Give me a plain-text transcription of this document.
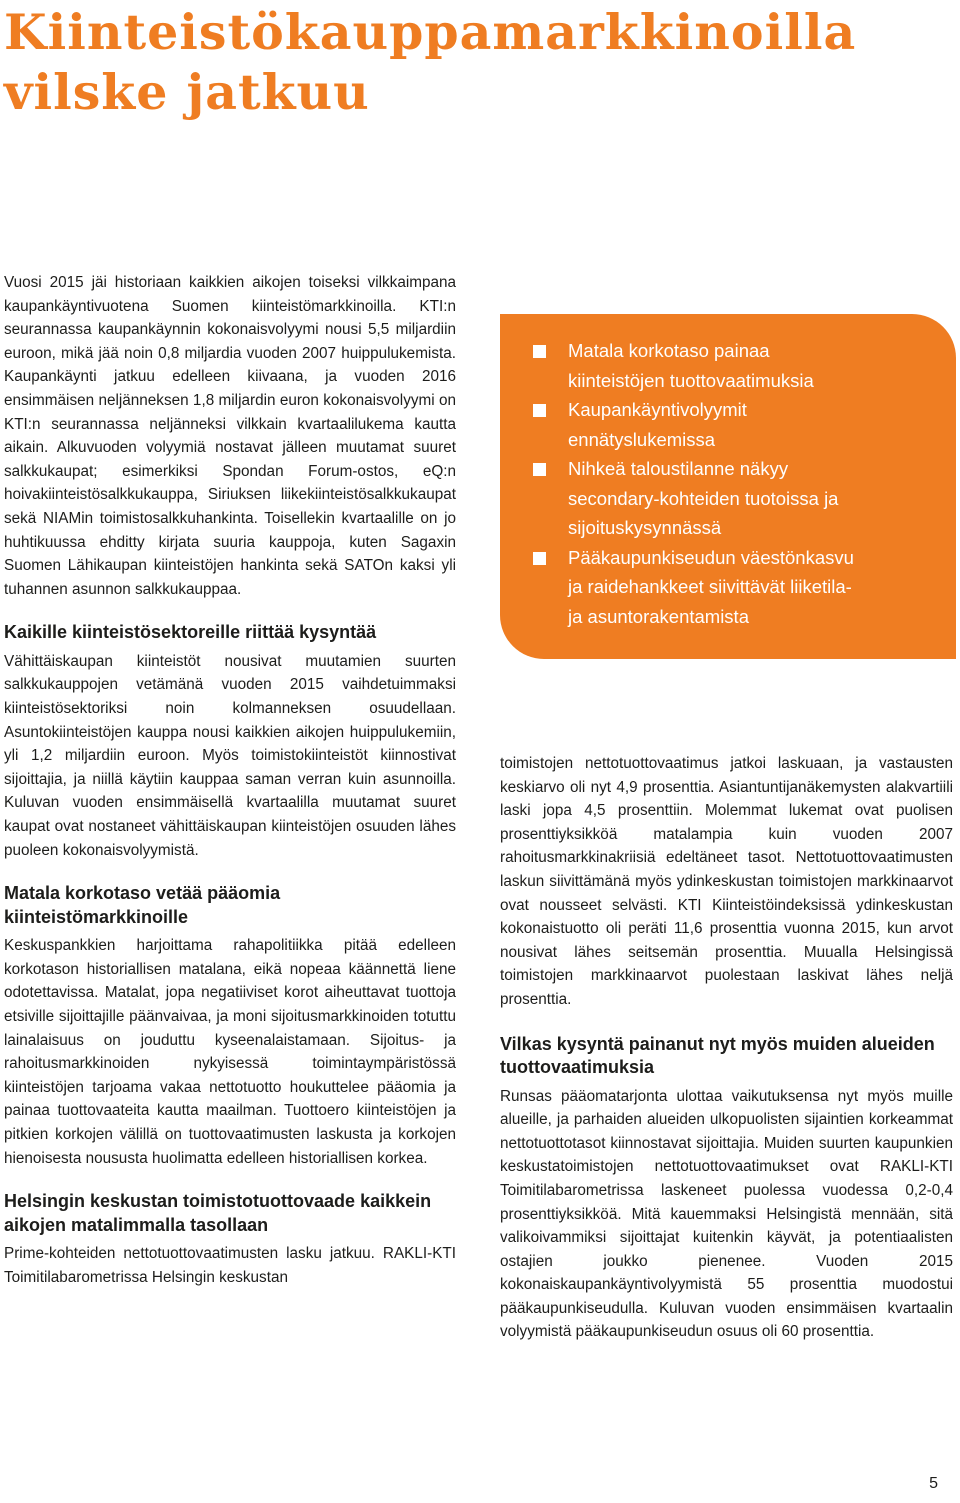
Kiinteistökauppamarkkinoilla
vilske jatkuu

Vuosi 2015 jäi historiaan kaikkien aikojen toiseksi vilkkaimpana kaupankäyntivuotena Suomen kiinteistömarkkinoilla. KTI:n seurannassa kaupankäynnin kokonaisvolyymi nousi 5,5 miljardiin euroon, mikä jää noin 0,8 miljardia vuoden 2007 huippulukemista. Kaupankäynti jatkuu edelleen kiivaana, ja vuoden 2016 ensimmäisen neljänneksen 1,8 miljardin euron kokonaisvolyymi on KTI:n seurannassa neljänneksi vilkkain kvartaalilukema kautta aikain. Alkuvuoden volyymiä nostavat jälleen muutamat suuret salkkukaupat; esimerkiksi Spondan Forum-ostos, eQ:n hoivakiinteistösalkkukauppa, Siriuksen liikekiinteistösalkkukaupat sekä NIAMin toimistosalkkuhankinta. Toisellekin kvartaalille on jo huhtikuussa ehditty kirjata suuria kauppoja, kuten Sagaxin Suomen Lähikaupan kiinteistöjen hankinta sekä SATOn kaksi yli tuhannen asunnon salkkukauppaa.

Kaikille kiinteistösektoreille riittää kysyntää

Vähittäiskaupan kiinteistöt nousivat muutamien suurten salkkukauppojen vetämänä vuoden 2015 vaihdetuimmaksi kiinteistösektoriksi noin kolmanneksen osuudellaan. Asuntokiinteistöjen kauppa nousi kaikkien aikojen huippulukemiin, yli 1,2 miljardiin euroon. Myös toimistokiinteistöt kiinnostivat sijoittajia, ja niillä käytiin kauppaa saman verran kuin asunnoilla. Kuluvan vuoden ensimmäisellä kvartaalilla muutamat suuret kaupat ovat nostaneet vähittäiskaupan kiinteistöjen osuuden lähes puoleen kokonaisvolyymistä.

Matala korkotaso vetää pääomia kiinteistömarkkinoille

Keskuspankkien harjoittama rahapolitiikka pitää edelleen korkotason historiallisen matalana, eikä nopeaa käännettä liene odotettavissa. Matalat, jopa negatiiviset korot aiheuttavat tuottoja etsiville sijoittajille päänvaivaa, ja moni sijoitusmarkkinoiden totuttu lainalaisuus on jouduttu kyseenalaistamaan. Sijoitus- ja rahoitusmarkkinoiden nykyisessä toimintaympäristössä kiinteistöjen tarjoama vakaa nettotuotto houkuttelee pääomia ja painaa tuottovaateita kautta maailman. Tuottoero kiinteistöjen ja pitkien korkojen välillä on tuottovaatimusten laskusta ja korkojen hienoisesta noususta huolimatta edelleen historiallisen korkea.

Helsingin keskustan toimistotuottovaade kaikkein aikojen matalimmalla tasollaan

Prime-kohteiden nettotuottovaatimusten lasku jatkuu. RAKLI-KTI Toimitilabarometrissa Helsingin keskustan

Matala korkotaso painaa
kiinteistöjen tuottovaatimuksia
Kaupankäyntivolyymit
ennätyslukemissa
Nihkeä taloustilanne näkyy
secondary-kohteiden tuotoissa ja
sijoituskysynnässä
Pääkaupunkiseudun väestönkasvu
ja raidehankkeet siivittävät liiketila-
ja asuntorakentamista

toimistojen nettotuottovaatimus jatkoi laskuaan, ja vastausten keskiarvo oli nyt 4,9 prosenttia. Asiantuntijanäkemysten alakvartiili laski jopa 4,5 prosenttiin. Molemmat lukemat ovat puolisen prosenttiyksikköä matalampia kuin vuoden 2007 rahoitusmarkkinakriisiä edeltäneet tasot. Nettotuottovaatimusten laskun siivittämänä myös ydinkeskustan toimistojen markkinaarvot ovat nousseet selvästi. KTI Kiinteistöindeksissä ydinkeskustan kokonaistuotto oli peräti 11,6 prosenttia vuonna 2015, kun arvot nousivat lähes seitsemän prosenttia. Muualla Helsingissä toimistojen markkinaarvot puolestaan laskivat lähes neljä prosenttia.

Vilkas kysyntä painanut nyt myös muiden alueiden tuottovaatimuksia

Runsas pääomatarjonta ulottaa vaikutuksensa nyt myös muille alueille, ja parhaiden alueiden ulkopuolisten sijaintien korkeammat nettotuottotasot kiinnostavat sijoittajia. Muiden suurten kaupunkien keskustatoimistojen nettotuottovaatimukset ovat RAKLI-KTI Toimitilabarometrissa laskeneet puolessa vuodessa 0,2-0,4 prosenttiyksikköä. Mitä kauemmaksi Helsingistä mennään, sitä valikoivammiksi sijoittajat kuitenkin käyvät, ja potentiaalisten ostajien joukko pienenee. Vuoden 2015 kokonaiskaupankäyntivolyymistä 55 prosenttia muodostui pääkaupunkiseudulla. Kuluvan vuoden ensimmäisen kvartaalin volyymistä pääkaupunkiseudun osuus oli 60 prosenttia.

5
